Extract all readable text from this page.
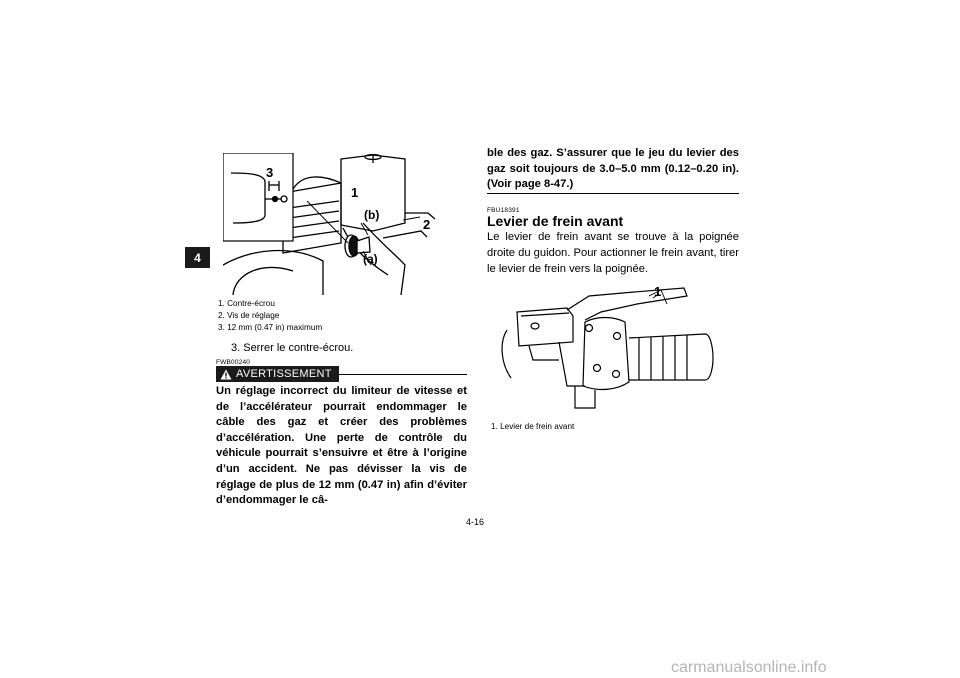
4
3
1
(b)
2
(a)
1. Contre-écrou
2. Vis de réglage
3. 12 mm (0.47 in) maximum
3. Serrer le contre-écrou.
FWB00240
AVERTISSEMENT
Un réglage incorrect du limiteur de vitesse et de l’accélérateur pourrait endommager le câble des gaz et créer des problèmes d’accélération. Une perte de contrôle du véhicule pourrait s’ensuivre et être à l’origine d’un accident. Ne pas dévisser la vis de réglage de plus de 12 mm (0.47 in) afin d’éviter d’endommager le câ-
ble des gaz. S’assurer que le jeu du levier des gaz soit toujours de 3.0–5.0 mm (0.12–0.20 in). (Voir page 8-47.)
FBU18391
Levier de frein avant
Le levier de frein avant se trouve à la poignée droite du guidon. Pour actionner le frein avant, tirer le levier de frein vers la poignée.
1
1. Levier de frein avant
4-16
carmanualsonline.info
